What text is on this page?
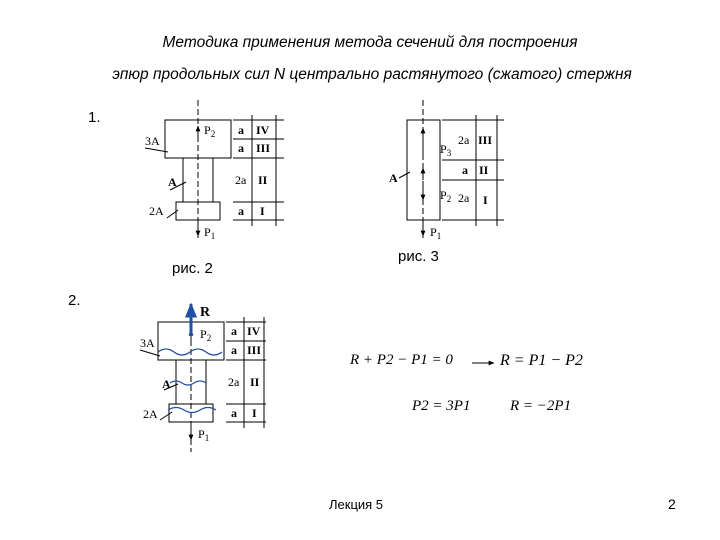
Методика применения метода сечений для построения
эпюр продольных сил N центрально растянутого (сжатого) стержня
1.
2.
рис. 2
рис. 3
3A
A
2A
$P_2$
$P_1$
a
a
2a
a
IV
III
II
I
A
$P_3$
$P_2$
$P_1$
2a
a
2a
III
II
I
R
3A
A
2A
$P_2$
$P_1$
a
a
2a
a
IV
III
II
I
R + P2 − P1 = 0	R = P1 − P2
P2 = 3P1	R = −2P1
Лекция 5	2
